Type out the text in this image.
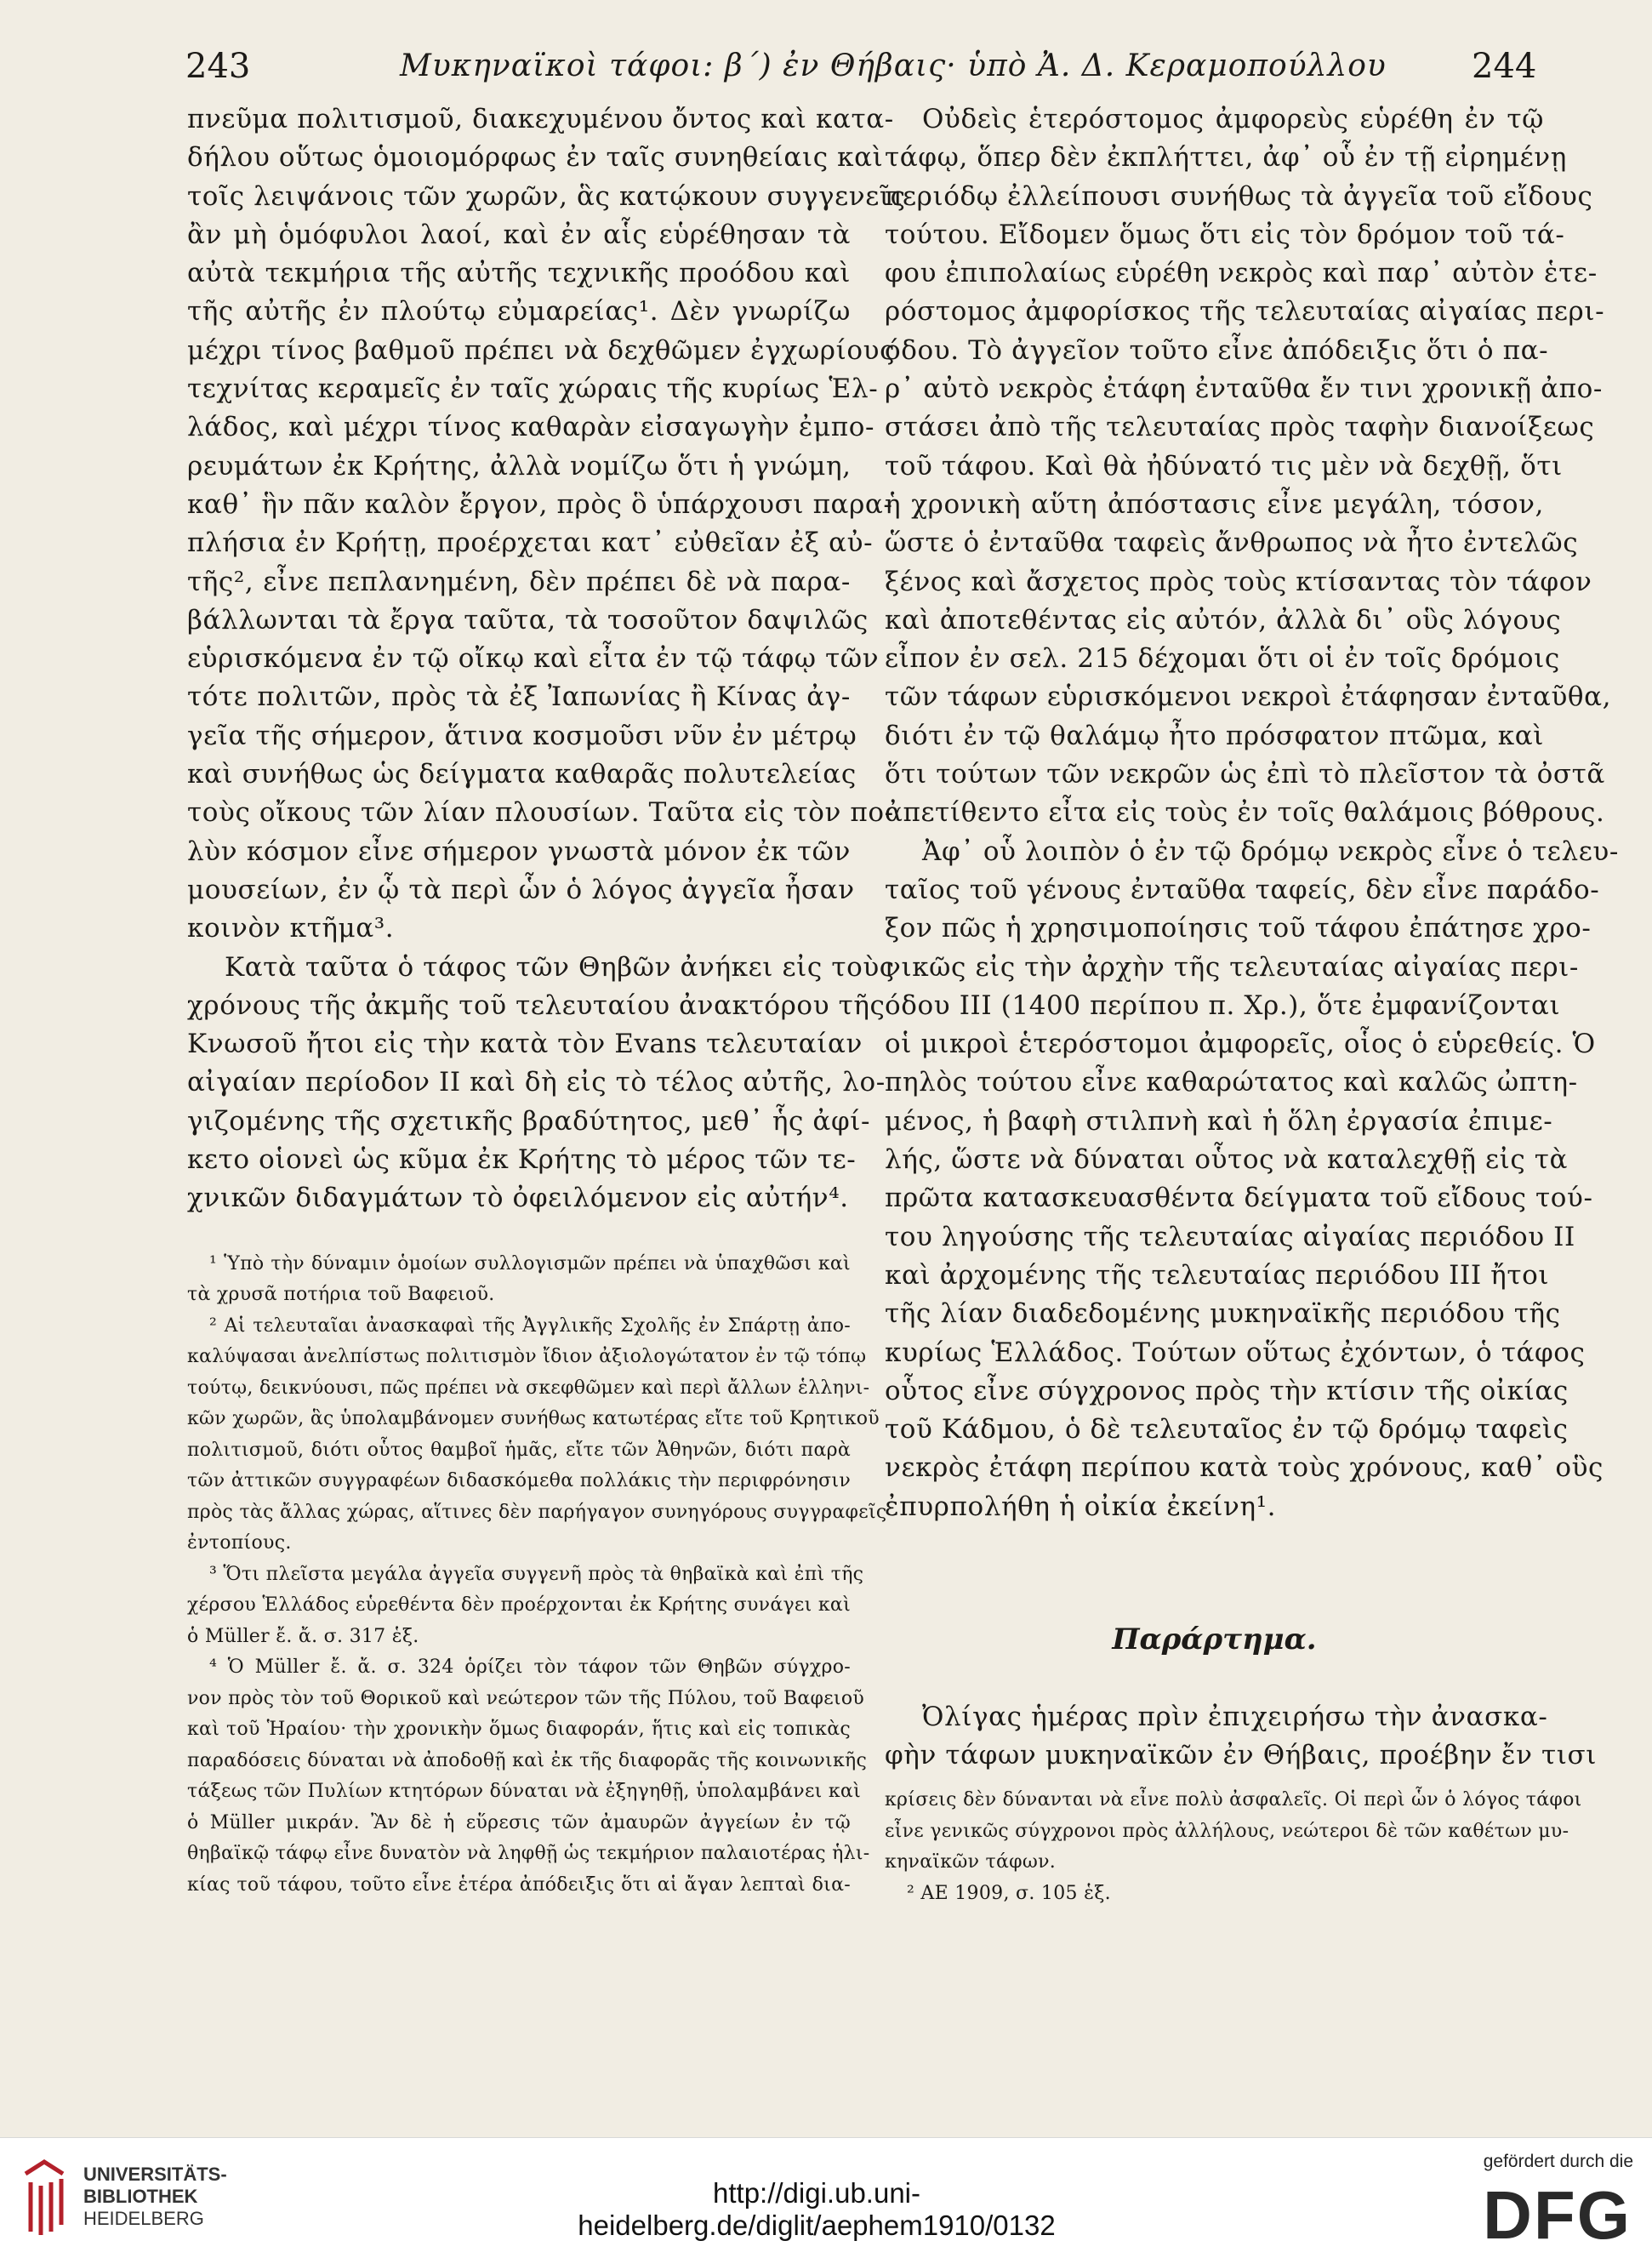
243	Μυκηναϊκοὶ τάφοι: β΄) ἐν Θήβαις· ὑπὸ Ἀ. Δ. Κεραμοπούλλου	244
πνεῦμα πολιτισμοῦ, διακεχυμένου ὄντος καὶ κατα-
δήλου οὕτως ὁμοιομόρφως ἐν ταῖς συνηθείαις καὶ
τοῖς λειψάνοις τῶν χωρῶν, ἃς κατῴκουν συγγενεῖς
ἂν μὴ ὁμόφυλοι λαοί, καὶ ἐν αἷς εὑρέθησαν τὰ
αὐτὰ τεκμήρια τῆς αὐτῆς τεχνικῆς προόδου καὶ
τῆς αὐτῆς ἐν πλούτῳ εὐμαρείας¹. Δὲν γνωρίζω
μέχρι τίνος βαθμοῦ πρέπει νὰ δεχθῶμεν ἐγχωρίους
τεχνίτας κεραμεῖς ἐν ταῖς χώραις τῆς κυρίως Ἑλ-
λάδος, καὶ μέχρι τίνος καθαρὰν εἰσαγωγὴν ἐμπο-
ρευμάτων ἐκ Κρήτης, ἀλλὰ νομίζω ὅτι ἡ γνώμη,
καθ᾽ ἣν πᾶν καλὸν ἔργον, πρὸς ὃ ὑπάρχουσι παρα-
πλήσια ἐν Κρήτῃ, προέρχεται κατ᾽ εὐθεῖαν ἐξ αὐ-
τῆς², εἶνε πεπλανημένη, δὲν πρέπει δὲ νὰ παρα-
βάλλωνται τὰ ἔργα ταῦτα, τὰ τοσοῦτον δαψιλῶς
εὑρισκόμενα ἐν τῷ οἴκῳ καὶ εἶτα ἐν τῷ τάφῳ τῶν
τότε πολιτῶν, πρὸς τὰ ἐξ Ἰαπωνίας ἢ Κίνας ἀγ-
γεῖα τῆς σήμερον, ἅτινα κοσμοῦσι νῦν ἐν μέτρῳ
καὶ συνήθως ὡς δείγματα καθαρᾶς πολυτελείας
τοὺς οἴκους τῶν λίαν πλουσίων. Ταῦτα εἰς τὸν πο-
λὺν κόσμον εἶνε σήμερον γνωστὰ μόνον ἐκ τῶν
μουσείων, ἐν ᾧ τὰ περὶ ὧν ὁ λόγος ἀγγεῖα ἦσαν
κοινὸν κτῆμα³.
Κατὰ ταῦτα ὁ τάφος τῶν Θηβῶν ἀνήκει εἰς τοὺς
χρόνους τῆς ἀκμῆς τοῦ τελευταίου ἀνακτόρου τῆς
Κνωσοῦ ἤτοι εἰς τὴν κατὰ τὸν Evans τελευταίαν
αἰγαίαν περίοδον II καὶ δὴ εἰς τὸ τέλος αὐτῆς, λο-
γιζομένης τῆς σχετικῆς βραδύτητος, μεθ᾽ ἧς ἀφί-
κετο οἱονεὶ ὡς κῦμα ἐκ Κρήτης τὸ μέρος τῶν τε-
χνικῶν διδαγμάτων τὸ ὀφειλόμενον εἰς αὐτήν⁴.
¹ Ὑπὸ τὴν δύναμιν ὁμοίων συλλογισμῶν πρέπει νὰ ὑπαχθῶσι καὶ
τὰ χρυσᾶ ποτήρια τοῦ Βαφειοῦ.
² Αἱ τελευταῖαι ἀνασκαφαὶ τῆς Ἀγγλικῆς Σχολῆς ἐν Σπάρτῃ ἀπο-
καλύψασαι ἀνελπίστως πολιτισμὸν ἴδιον ἀξιολογώτατον ἐν τῷ τόπῳ
τούτῳ, δεικνύουσι, πῶς πρέπει νὰ σκεφθῶμεν καὶ περὶ ἄλλων ἑλληνι-
κῶν χωρῶν, ἃς ὑπολαμβάνομεν συνήθως κατωτέρας εἴτε τοῦ Κρητικοῦ
πολιτισμοῦ, διότι οὗτος θαμβοῖ ἡμᾶς, εἴτε τῶν Ἀθηνῶν, διότι παρὰ
τῶν ἀττικῶν συγγραφέων διδασκόμεθα πολλάκις τὴν περιφρόνησιν
πρὸς τὰς ἄλλας χώρας, αἵτινες δὲν παρήγαγον συνηγόρους συγγραφεῖς
ἐντοπίους.
³ Ὅτι πλεῖστα μεγάλα ἀγγεῖα συγγενῆ πρὸς τὰ θηβαϊκὰ καὶ ἐπὶ τῆς
χέρσου Ἑλλάδος εὑρεθέντα δὲν προέρχονται ἐκ Κρήτης συνάγει καὶ
ὁ Müller ἔ. ἄ. σ. 317 ἑξ.
⁴ Ὁ Müller ἔ. ἄ. σ. 324 ὁρίζει τὸν τάφον τῶν Θηβῶν σύγχρο-
νον πρὸς τὸν τοῦ Θορικοῦ καὶ νεώτερον τῶν τῆς Πύλου, τοῦ Βαφειοῦ
καὶ τοῦ Ἡραίου· τὴν χρονικὴν ὅμως διαφοράν, ἥτις καὶ εἰς τοπικὰς
παραδόσεις δύναται νὰ ἀποδοθῇ καὶ ἐκ τῆς διαφορᾶς τῆς κοινωνικῆς
τάξεως τῶν Πυλίων κτητόρων δύναται νὰ ἐξηγηθῇ, ὑπολαμβάνει καὶ
ὁ Müller μικράν. Ἂν δὲ ἡ εὕρεσις τῶν ἀμαυρῶν ἀγγείων ἐν τῷ
θηβαϊκῷ τάφῳ εἶνε δυνατὸν νὰ ληφθῇ ὡς τεκμήριον παλαιοτέρας ἡλι-
κίας τοῦ τάφου, τοῦτο εἶνε ἑτέρα ἀπόδειξις ὅτι αἱ ἄγαν λεπταὶ δια-
Οὐδεὶς ἑτερόστομος ἀμφορεὺς εὑρέθη ἐν τῷ
τάφῳ, ὅπερ δὲν ἐκπλήττει, ἀφ᾽ οὗ ἐν τῇ εἰρημένῃ
περιόδῳ ἐλλείπουσι συνήθως τὰ ἀγγεῖα τοῦ εἴδους
τούτου. Εἴδομεν ὅμως ὅτι εἰς τὸν δρόμον τοῦ τά-
φου ἐπιπολαίως εὑρέθη νεκρὸς καὶ παρ᾽ αὐτὸν ἑτε-
ρόστομος ἀμφορίσκος τῆς τελευταίας αἰγαίας περι-
όδου. Τὸ ἀγγεῖον τοῦτο εἶνε ἀπόδειξις ὅτι ὁ πα-
ρ᾽ αὐτὸ νεκρὸς ἐτάφη ἐνταῦθα ἔν τινι χρονικῇ ἀπο-
στάσει ἀπὸ τῆς τελευταίας πρὸς ταφὴν διανοίξεως
τοῦ τάφου. Καὶ θὰ ἠδύνατό τις μὲν νὰ δεχθῇ, ὅτι
ἡ χρονικὴ αὕτη ἀπόστασις εἶνε μεγάλη, τόσον,
ὥστε ὁ ἐνταῦθα ταφεὶς ἄνθρωπος νὰ ἦτο ἐντελῶς
ξένος καὶ ἄσχετος πρὸς τοὺς κτίσαντας τὸν τάφον
καὶ ἀποτεθέντας εἰς αὐτόν, ἀλλὰ δι᾽ οὓς λόγους
εἶπον ἐν σελ. 215 δέχομαι ὅτι οἱ ἐν τοῖς δρόμοις
τῶν τάφων εὑρισκόμενοι νεκροὶ ἐτάφησαν ἐνταῦθα,
διότι ἐν τῷ θαλάμῳ ἦτο πρόσφατον πτῶμα, καὶ
ὅτι τούτων τῶν νεκρῶν ὡς ἐπὶ τὸ πλεῖστον τὰ ὀστᾶ
ἀπετίθεντο εἶτα εἰς τοὺς ἐν τοῖς θαλάμοις βόθρους.
Ἀφ᾽ οὗ λοιπὸν ὁ ἐν τῷ δρόμῳ νεκρὸς εἶνε ὁ τελευ-
ταῖος τοῦ γένους ἐνταῦθα ταφείς, δὲν εἶνε παράδο-
ξον πῶς ἡ χρησιμοποίησις τοῦ τάφου ἐπάτησε χρο-
νικῶς εἰς τὴν ἀρχὴν τῆς τελευταίας αἰγαίας περι-
όδου III (1400 περίπου π. Χρ.), ὅτε ἐμφανίζονται
οἱ μικροὶ ἑτερόστομοι ἀμφορεῖς, οἷος ὁ εὑρεθείς. Ὁ
πηλὸς τούτου εἶνε καθαρώτατος καὶ καλῶς ὠπτη-
μένος, ἡ βαφὴ στιλπνὴ καὶ ἡ ὅλη ἐργασία ἐπιμε-
λής, ὥστε νὰ δύναται οὗτος νὰ καταλεχθῇ εἰς τὰ
πρῶτα κατασκευασθέντα δείγματα τοῦ εἴδους τού-
του ληγούσης τῆς τελευταίας αἰγαίας περιόδου II
καὶ ἀρχομένης τῆς τελευταίας περιόδου III ἤτοι
τῆς λίαν διαδεδομένης μυκηναϊκῆς περιόδου τῆς
κυρίως Ἑλλάδος. Τούτων οὕτως ἐχόντων, ὁ τάφος
οὗτος εἶνε σύγχρονος πρὸς τὴν κτίσιν τῆς οἰκίας
τοῦ Κάδμου, ὁ δὲ τελευταῖος ἐν τῷ δρόμῳ ταφεὶς
νεκρὸς ἐτάφη περίπου κατὰ τοὺς χρόνους, καθ᾽ οὓς
ἐπυρπολήθη ἡ οἰκία ἐκείνη¹.
Παράρτημα.
Ὀλίγας ἡμέρας πρὶν ἐπιχειρήσω τὴν ἀνασκα-
φὴν τάφων μυκηναϊκῶν ἐν Θήβαις, προέβην ἔν τισι
κρίσεις δὲν δύνανται νὰ εἶνε πολὺ ἀσφαλεῖς. Οἱ περὶ ὧν ὁ λόγος τάφοι
εἶνε γενικῶς σύγχρονοι πρὸς ἀλλήλους, νεώτεροι δὲ τῶν καθέτων μυ-
κηναϊκῶν τάφων.
² ΑΕ 1909, σ. 105 ἑξ.
UNIVERSITÄTS-
BIBLIOTHEK
HEIDELBERG
http://digi.ub.uni-heidelberg.de/diglit/aephem1910/0132
gefördert durch die
DFG
